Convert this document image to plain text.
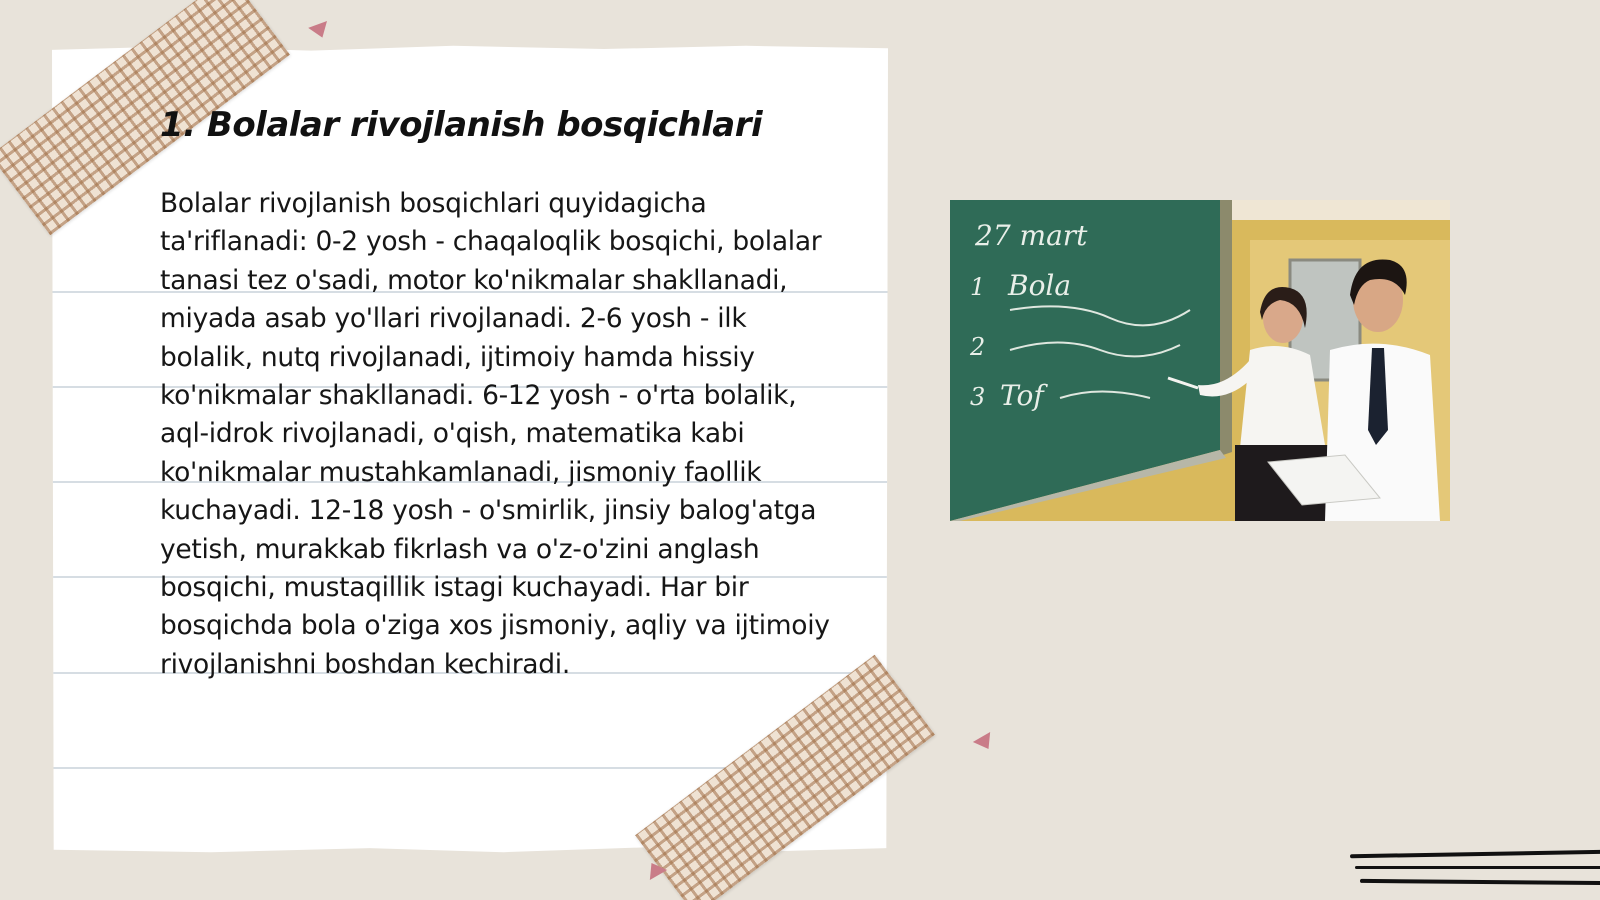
1. Bolalar rivojlanish bosqichlari

Bolalar rivojlanish bosqichlari quyidagicha ta'riflanadi: 0-2 yosh - chaqaloqlik bosqichi, bolalar tanasi tez o'sadi, motor ko'nikmalar shakllanadi, miyada asab yo'llari rivojlanadi. 2-6 yosh - ilk bolalik, nutq rivojlanadi, ijtimoiy hamda hissiy ko'nikmalar shakllanadi. 6-12 yosh - o'rta bolalik, aql-idrok rivojlanadi, o'qish, matematika kabi ko'nikmalar mustahkamlanadi, jismoniy faollik kuchayadi. 12-18 yosh - o'smirlik, jinsiy balog'atga yetish, murakkab fikrlash va o'z-o'zini anglash bosqichi, mustaqillik istagi kuchayadi. Har bir bosqichda bola o'ziga xos jismoniy, aqliy va ijtimoiy rivojlanishni boshdan kechiradi.

27 mart
1 Bola
2
3 Tof
